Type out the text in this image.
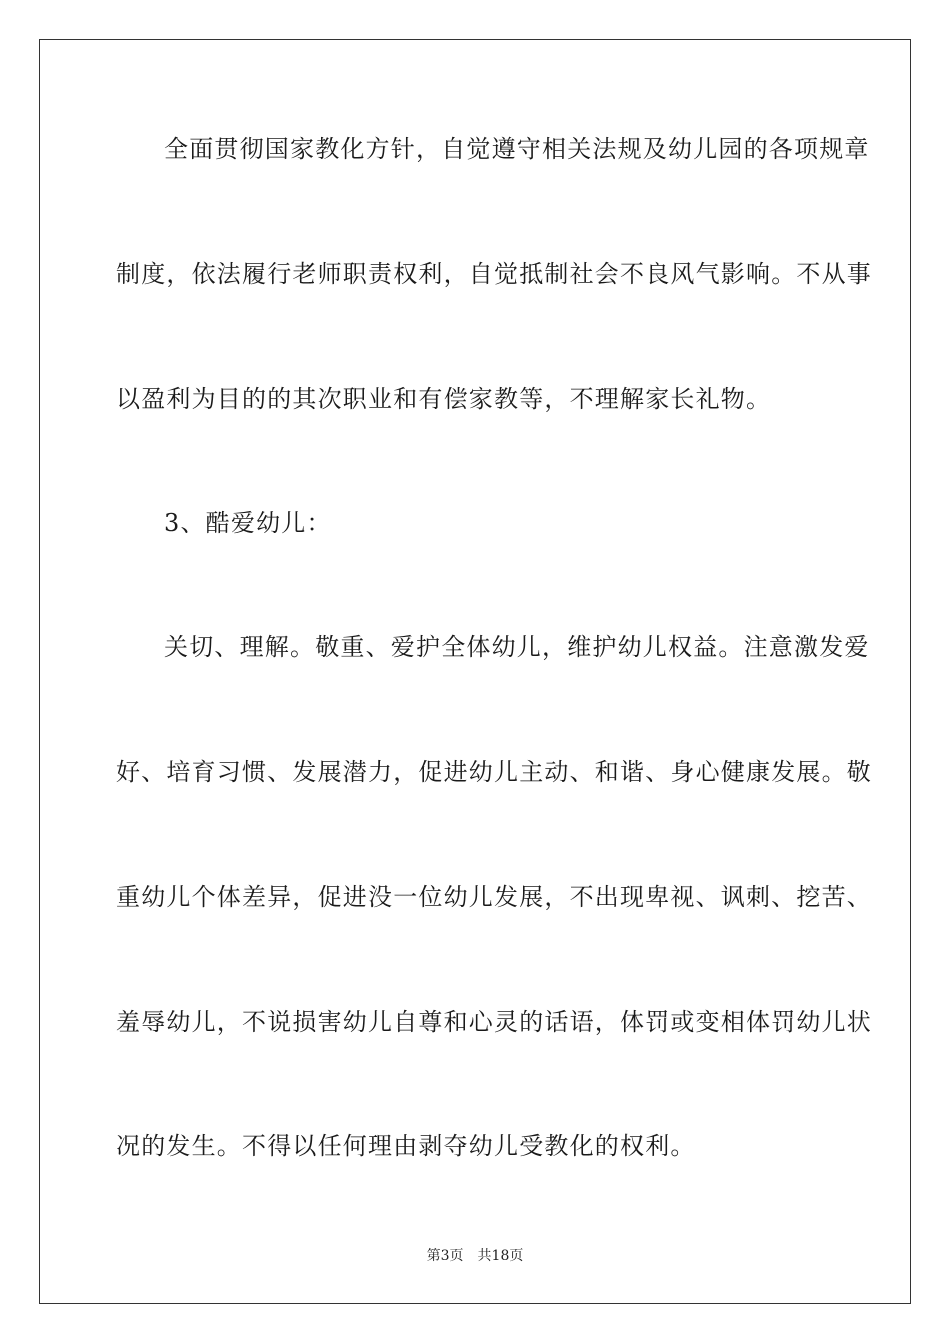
全面贯彻国家教化方针，自觉遵守相关法规及幼儿园的各项规章
制度，依法履行老师职责权利，自觉抵制社会不良风气影响。不从事
以盈利为目的的其次职业和有偿家教等，不理解家长礼物。
3、酷爱幼儿：
关切、理解。敬重、爱护全体幼儿，维护幼儿权益。注意激发爱
好、培育习惯、发展潜力，促进幼儿主动、和谐、身心健康发展。敬
重幼儿个体差异，促进没一位幼儿发展，不出现卑视、讽刺、挖苦、
羞辱幼儿，不说损害幼儿自尊和心灵的话语，体罚或变相体罚幼儿状
况的发生。不得以任何理由剥夺幼儿受教化的权利。
第3页 共18页
